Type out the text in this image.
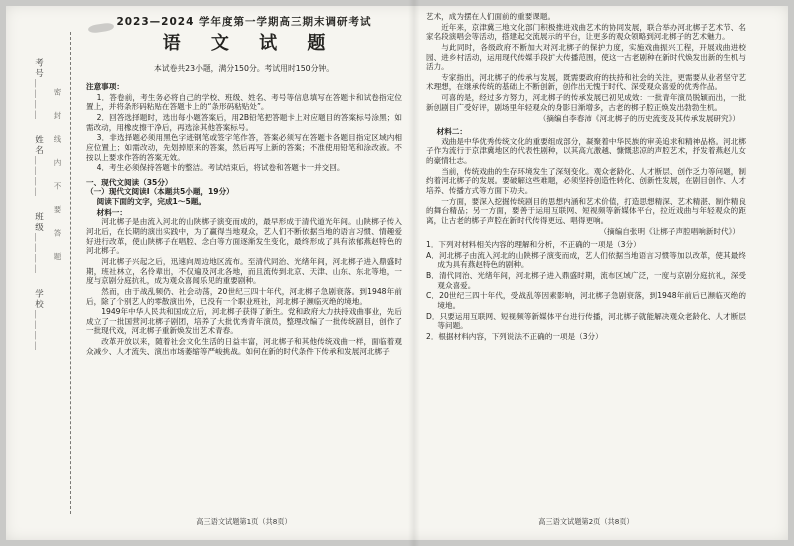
考号＿＿＿＿姓名＿＿＿＿班级＿＿＿＿学校＿＿＿＿
密封线内不要答题
2023—2024 学年度第一学期高三期末调研考试
语 文 试 题
本试卷共23小题，满分150分。考试用时150分钟。
注意事项：

1．答卷前，考生务必将自己的学校、班级、姓名、考号等信息填写在答题卡和试卷指定位置上，并将条形码粘贴在答题卡上的“条形码粘贴处”。

2．回答选择题时，选出每小题答案后，用2B铅笔把答题卡上对应题目的答案标号涂黑；如需改动，用橡皮擦干净后，再选涂其他答案标号。

3．非选择题必须用黑色字迹钢笔或签字笔作答，答案必须写在答题卡各题目指定区域内相应位置上；如需改动，先划掉原来的答案，然后再写上新的答案；不准使用铅笔和涂改液。不按以上要求作答的答案无效。

4．考生必须保持答题卡的整洁。考试结束后，将试卷和答题卡一并交回。

一、现代文阅读（35分）
（一）现代文阅读Ⅰ（本题共5小题，19分）
阅读下面的文字，完成1～5题。
材料一：

河北梆子是由流入河北的山陕梆子演变而成的，最早形成于清代道光年间。山陕梆子传入河北后，在长期的演出实践中，为了赢得当地观众，艺人们不断依据当地的语言习惯、情趣爱好进行改革，使山陕梆子在唱腔、念白等方面逐渐发生变化，最终形成了具有浓郁燕赵特色的河北梆子。

河北梆子兴起之后，迅速向周边地区流布。至清代同治、光绪年间，河北梆子进入鼎盛时期，班社林立，名伶辈出，不仅遍及河北各地，而且流传到北京、天津、山东、东北等地，一度与京剧分庭抗礼，成为观众喜闻乐见的重要剧种。

然而，由于战乱频仍、社会动荡，20世纪三四十年代，河北梆子急剧衰落。到1948年前后，除了个别艺人的零散演出外，已没有一个职业班社，河北梆子濒临灭绝的境地。

1949年中华人民共和国成立后，河北梆子获得了新生。党和政府大力扶持戏曲事业，先后成立了一批国营河北梆子剧团，培养了大批优秀青年演员，整理改编了一批传统剧目，创作了一批现代戏，河北梆子重新焕发出艺术青春。

改革开放以来，随着社会文化生活的日益丰富，河北梆子和其他传统戏曲一样，面临着观众减少、人才流失、演出市场萎缩等严峻挑战。如何在新的时代条件下传承和发展河北梆子

高三语文试题第1页（共8页）

艺术，成为摆在人们面前的重要课题。

近年来，京津冀三地文化部门积极推进戏曲艺术的协同发展，联合举办河北梆子艺术节、名家名段演唱会等活动，搭建起交流展示的平台，让更多的观众领略到河北梆子的艺术魅力。

与此同时，各级政府不断加大对河北梆子的保护力度，实施戏曲振兴工程，开展戏曲进校园、进乡村活动，运用现代传媒手段扩大传播范围，使这一古老剧种在新时代焕发出新的生机与活力。

专家指出，河北梆子的传承与发展，既需要政府的扶持和社会的关注，更需要从业者坚守艺术理想，在继承传统的基础上不断创新，创作出无愧于时代、深受观众喜爱的优秀作品。

可喜的是，经过多方努力，河北梆子的传承发展已初见成效：一批青年演员脱颖而出，一批新创剧目广受好评，剧场里年轻观众的身影日渐增多，古老的梆子腔正焕发出勃勃生机。

（摘编自李春沛《河北梆子的历史流变及其传承发展研究》）
材料二：

戏曲是中华优秀传统文化的重要组成部分，凝聚着中华民族的审美追求和精神品格。河北梆子作为流行于京津冀地区的代表性剧种，以其高亢激越、慷慨悲凉的声腔艺术，抒发着燕赵儿女的豪情壮志。

当前，传统戏曲的生存环境发生了深刻变化。观众老龄化、人才断层、创作乏力等问题，制约着河北梆子的发展。要破解这些难题，必须坚持创造性转化、创新性发展，在剧目创作、人才培养、传播方式等方面下功夫。

一方面，要深入挖掘传统剧目的思想内涵和艺术价值，打造思想精深、艺术精湛、制作精良的舞台精品；另一方面，要善于运用互联网、短视频等新媒体平台，拉近戏曲与年轻观众的距离，让古老的梆子声腔在新时代传得更远、唱得更响。

（摘编自张明《让梆子声腔唱响新时代》）

1．下列对材料相关内容的理解和分析，不正确的一项是（3分）

A．河北梆子由流入河北的山陕梆子演变而成，艺人们依据当地语言习惯等加以改革，使其最终成为具有燕赵特色的剧种。

B．清代同治、光绪年间，河北梆子进入鼎盛时期，流布区域广泛，一度与京剧分庭抗礼，深受观众喜爱。

C．20世纪三四十年代，受战乱等因素影响，河北梆子急剧衰落，到1948年前后已濒临灭绝的境地。

D．只要运用互联网、短视频等新媒体平台进行传播，河北梆子就能解决观众老龄化、人才断层等问题。

2．根据材料内容，下列说法不正确的一项是（3分）

高三语文试题第2页（共8页）
